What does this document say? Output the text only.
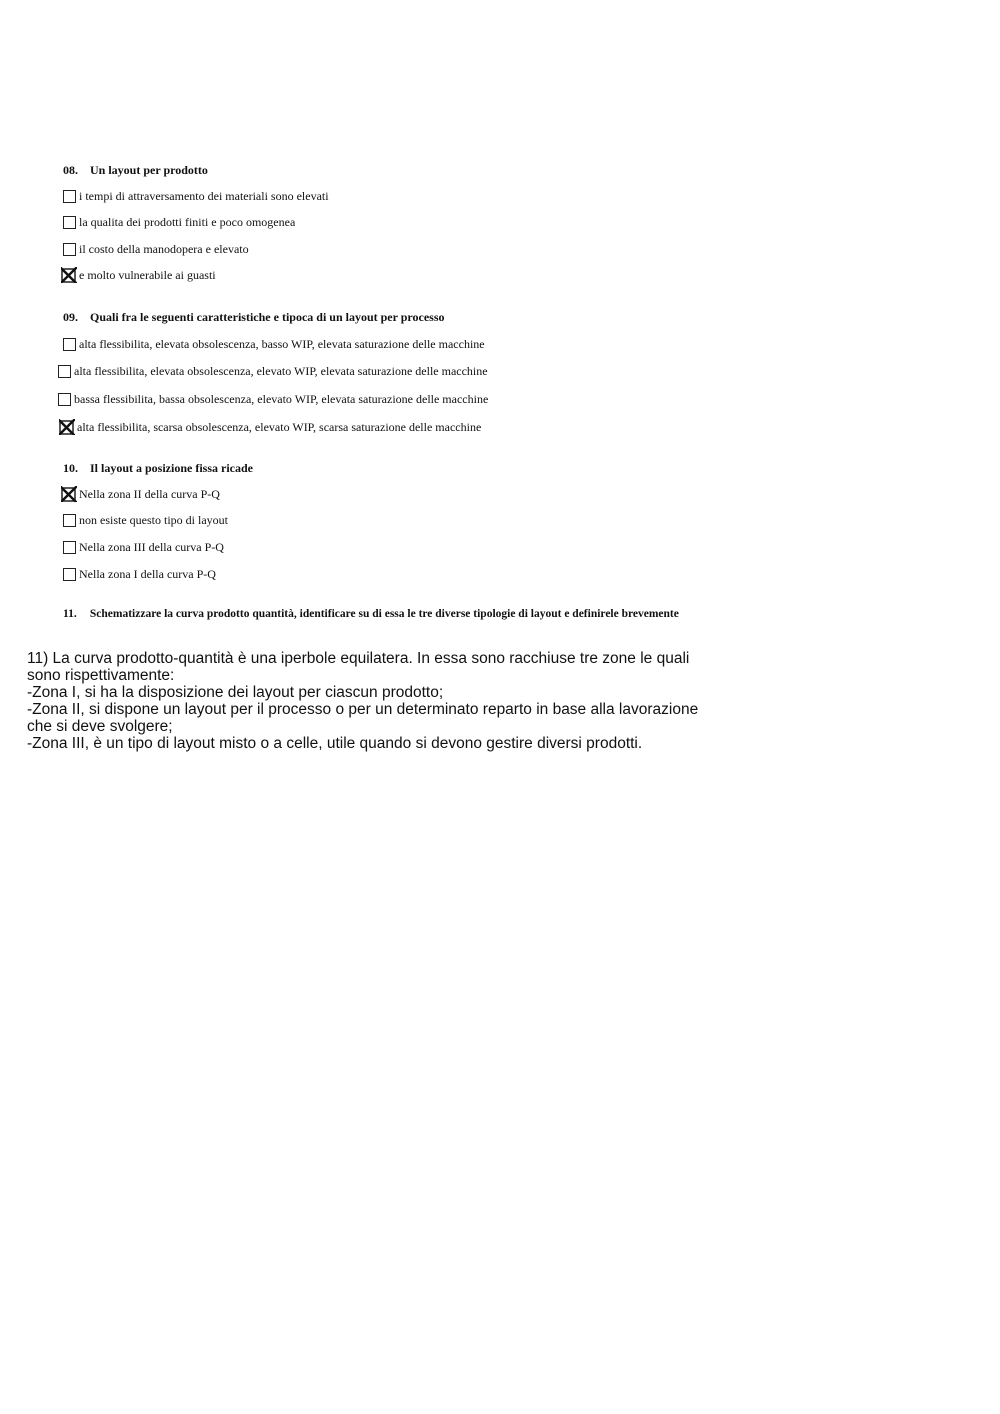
08. Un layout per prodotto
i tempi di attraversamento dei materiali sono elevati
la qualita dei prodotti finiti e poco omogenea
il costo della manodopera e elevato
e molto vulnerabile ai guasti
09. Quali fra le seguenti caratteristiche e tipoca di un layout per processo
alta flessibilita, elevata obsolescenza, basso WIP, elevata saturazione delle macchine
alta flessibilita, elevata obsolescenza, elevato WIP, elevata saturazione delle macchine
bassa flessibilita, bassa obsolescenza, elevato WIP, elevata saturazione delle macchine
alta flessibilita, scarsa obsolescenza, elevato WIP, scarsa saturazione delle macchine
10. Il layout a posizione fissa ricade
Nella zona II della curva P-Q
non esiste questo tipo di layout
Nella zona III della curva P-Q
Nella zona I della curva P-Q
11. Schematizzare la curva prodotto quantità, identificare su di essa le tre diverse tipologie di layout e definirele brevemente
11) La curva prodotto-quantità è una iperbole equilatera. In essa sono racchiuse tre zone le quali
sono rispettivamente:
-Zona I, si ha la disposizione dei layout per ciascun prodotto;
-Zona II, si dispone un layout per il processo o per un determinato reparto in base alla lavorazione
che si deve svolgere;
-Zona III, è un tipo di layout misto o a celle, utile quando si devono gestire diversi prodotti.
